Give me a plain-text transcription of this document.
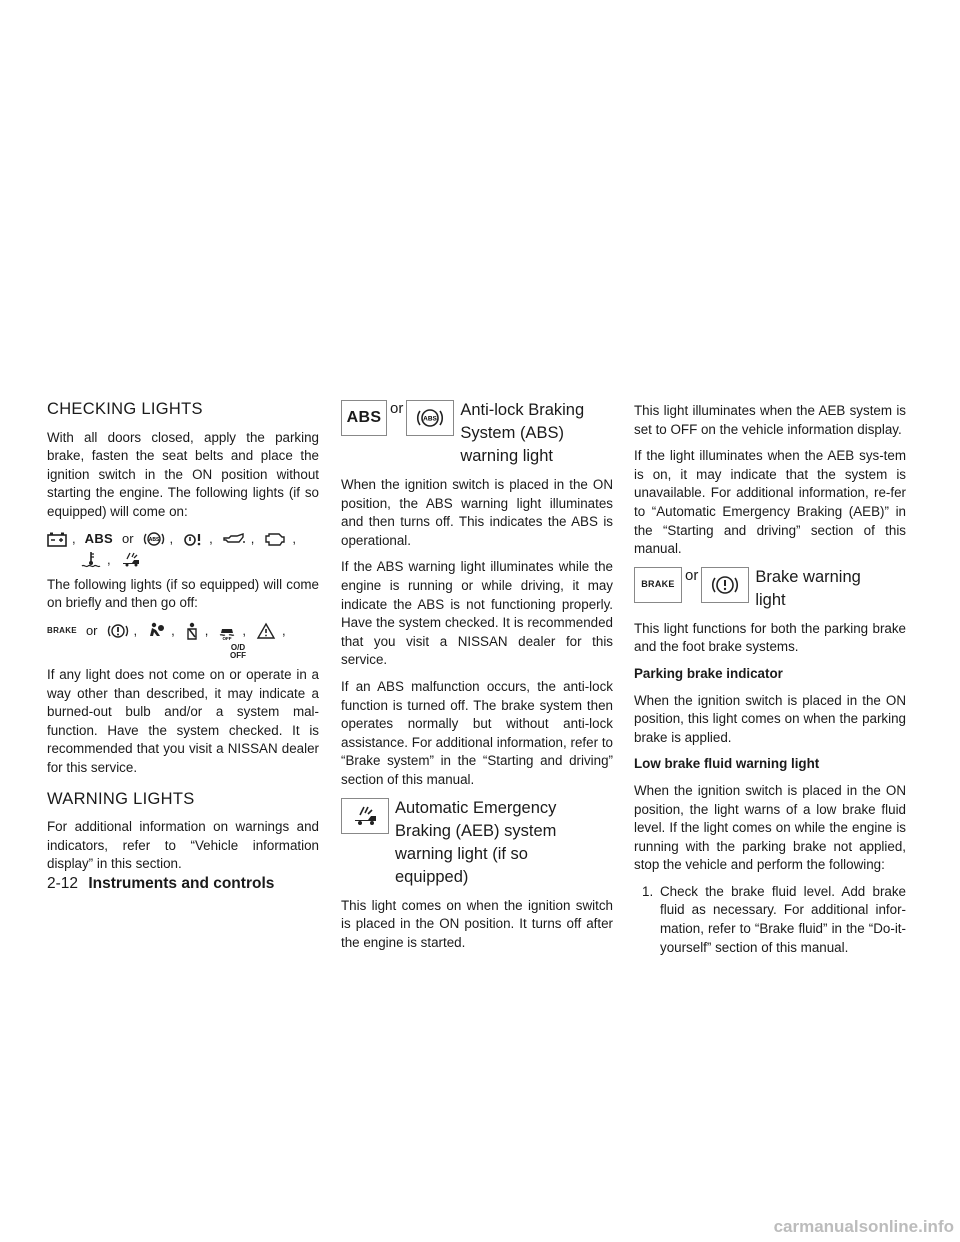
CHECKING LIGHTS

With all doors closed, apply the parking brake, fasten the seat belts and place the ignition switch in the ON position without starting the engine. The following lights (if so equipped) will come on:

, ABS or	ABS ,	,	,	,
,

The following lights (if so equipped) will come on briefly and then go off:

BRAKE or	,	, ,
OFF
,	,
O/D
OFF

If any light does not come on or operate in a way other than described, it may indicate a burned-out bulb and/or a system mal-function. Have the system checked. It is recommended that you visit a NISSAN dealer for this service.

WARNING LIGHTS

For additional information on warnings and indicators, refer to “Vehicle information display” in this section.

ABS
or
ABS Anti-lock Braking System (ABS) warning light

When the ignition switch is placed in the ON position, the ABS warning light illuminates and then turns off. This indicates the ABS is operational.

If the ABS warning light illuminates while the engine is running or while driving, it may indicate the ABS is not functioning properly. Have the system checked. It is recommended that you visit a NISSAN dealer for this service.

If an ABS malfunction occurs, the anti-lock function is turned off. The brake system then operates normally but without anti-lock assistance. For additional information, refer to “Brake system” in the “Starting and driving” section of this manual.

Automatic Emergency Braking (AEB) system warning light (if so equipped)

This light comes on when the ignition switch is placed in the ON position. It turns off after the engine is started.

This light illuminates when the AEB system is set to OFF on the vehicle information display.

If the light illuminates when the AEB sys-tem is on, it may indicate that the system is unavailable. For additional information, re-fer to “Automatic Emergency Braking (AEB)” in the “Starting and driving” section of this manual.

BRAKE
or	Brake warning light

This light functions for both the parking brake and the foot brake systems.

Parking brake indicator

When the ignition switch is placed in the ON position, this light comes on when the parking brake is applied.

Low brake fluid warning light

When the ignition switch is placed in the ON position, the light warns of a low brake fluid level. If the light comes on while the engine is running with the parking brake not applied, stop the vehicle and perform the following:

1. Check the brake fluid level. Add brake fluid as necessary. For additional infor-mation, refer to “Brake fluid” in the “Do-it-yourself” section of this manual.
2-12 Instruments and controls
carmanualsonline.info
